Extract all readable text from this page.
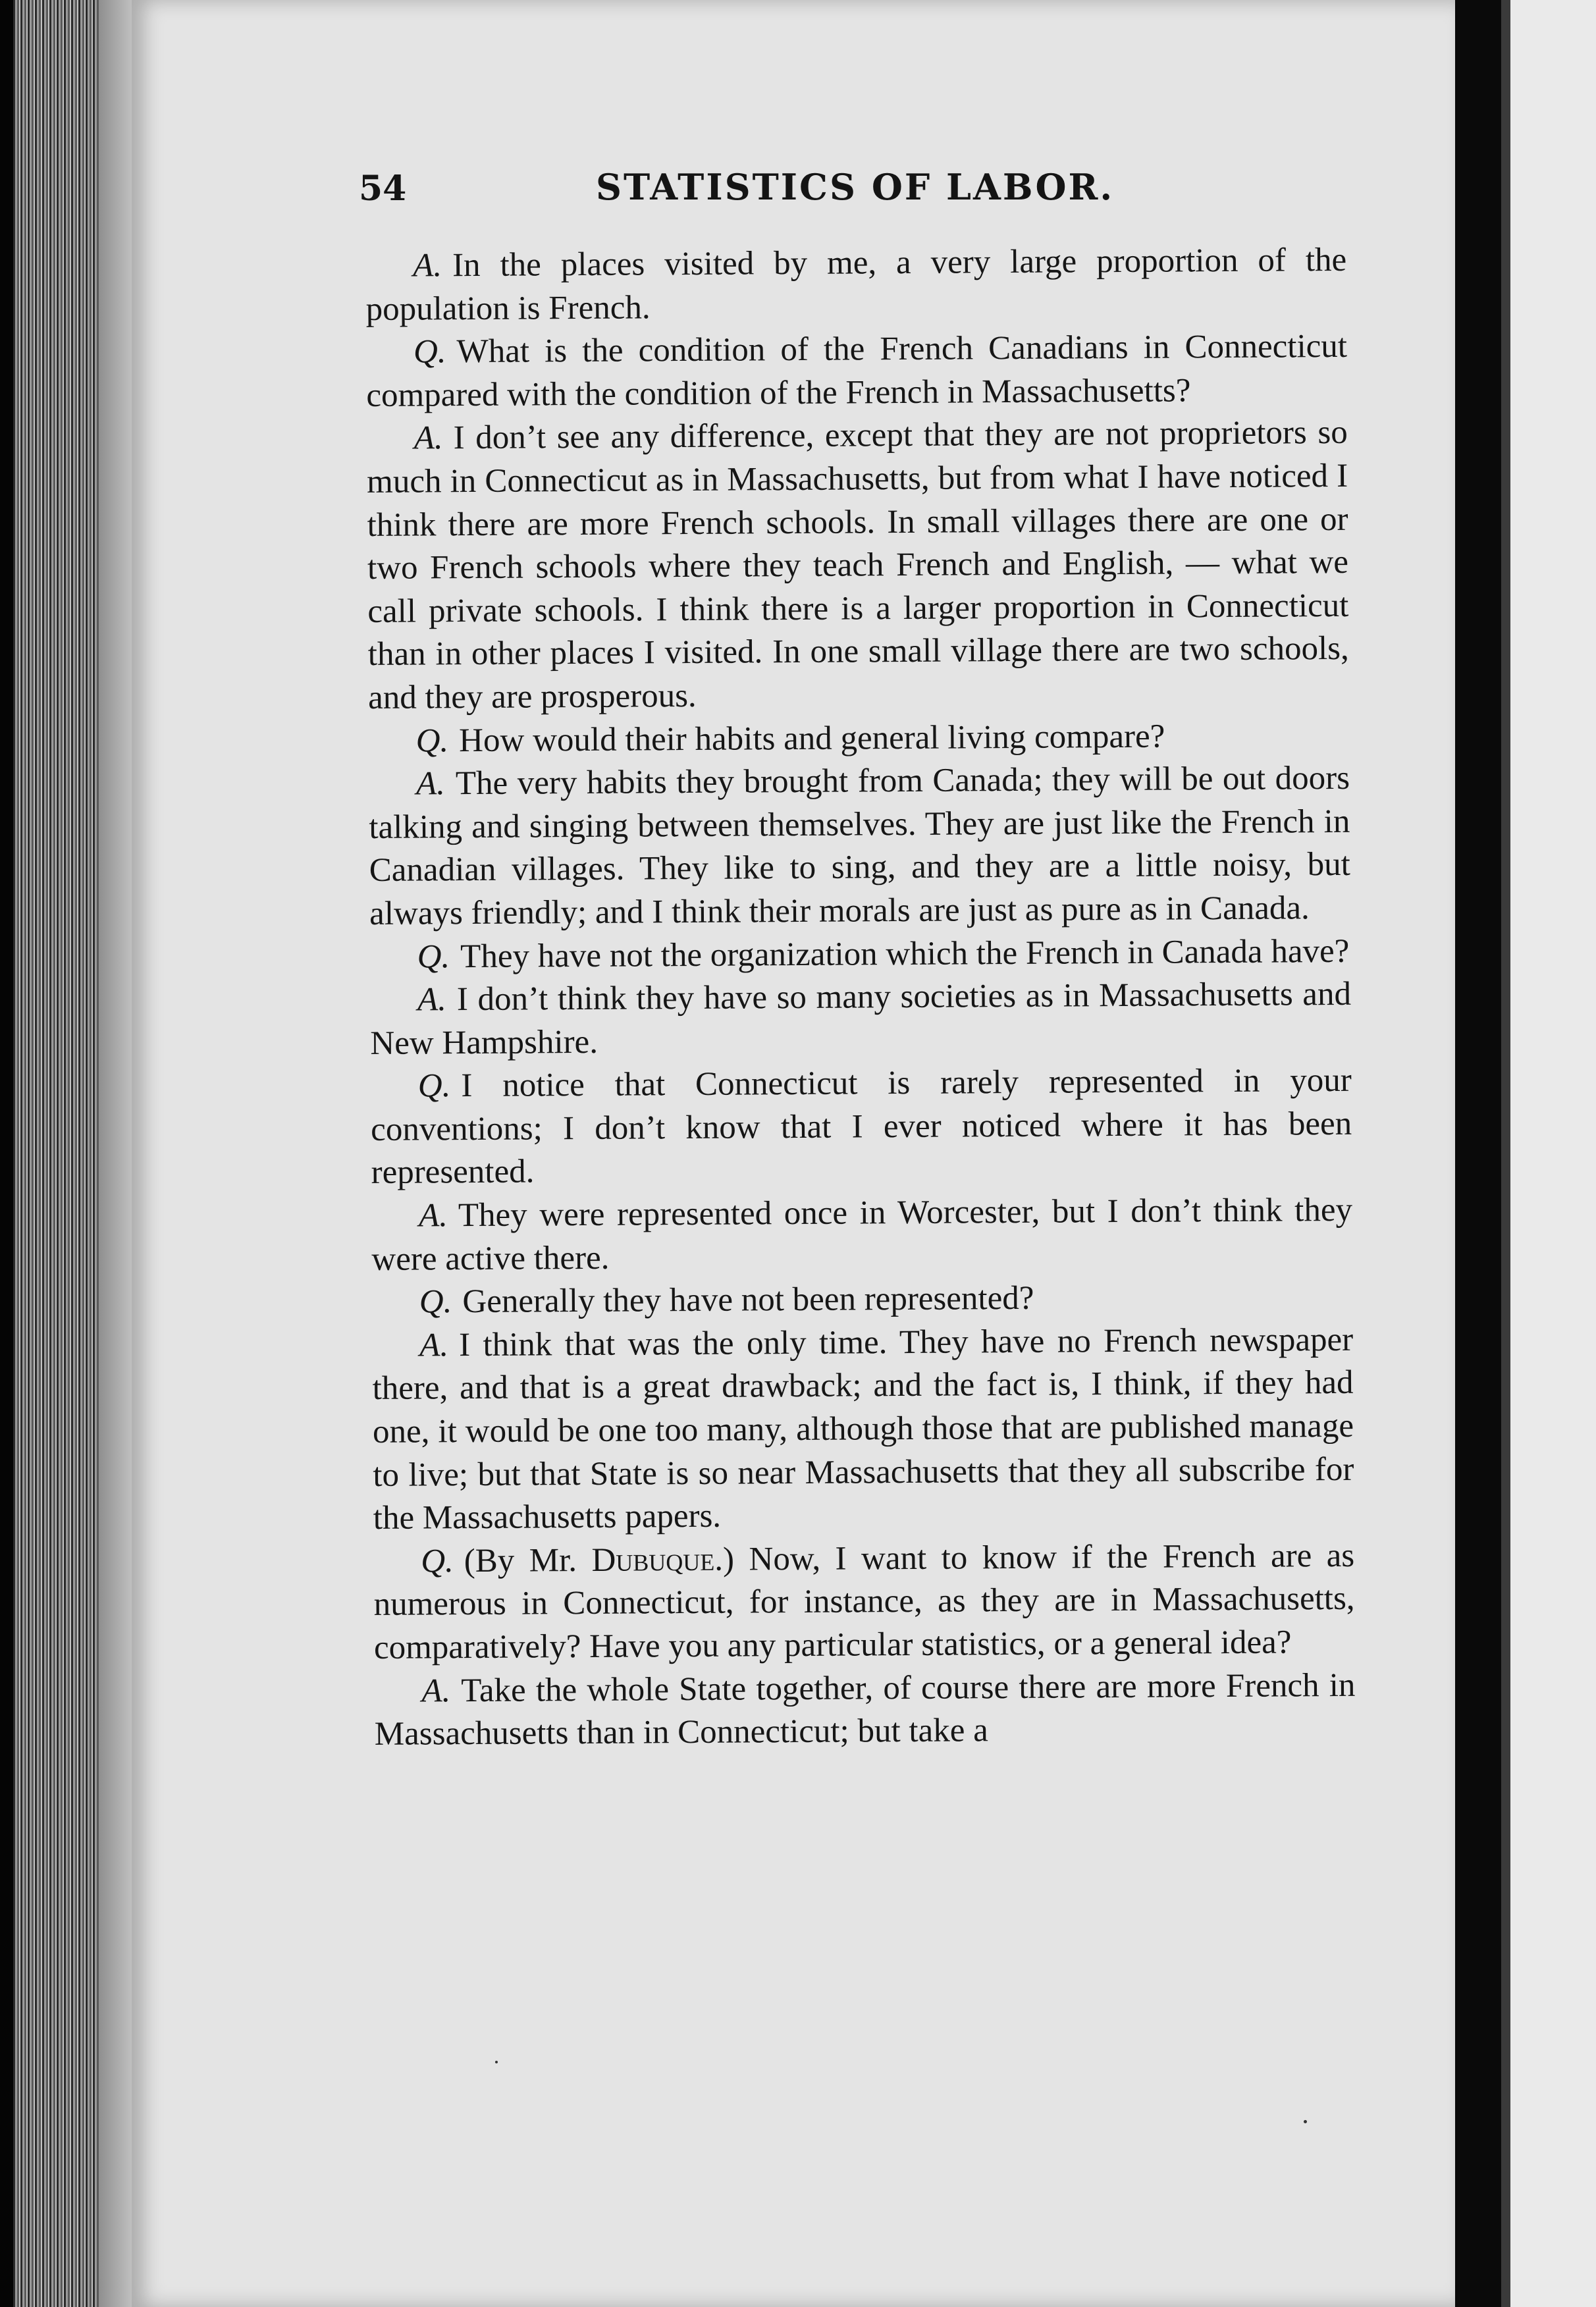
54	STATISTICS OF LABOR.

A. In the places visited by me, a very large proportion of the population is French.

Q. What is the condition of the French Canadians in Connecticut compared with the condition of the French in Massachusetts?

A. I don’t see any difference, except that they are not proprietors so much in Connecticut as in Massachusetts, but from what I have noticed I think there are more French schools. In small villages there are one or two French schools where they teach French and English, — what we call private schools. I think there is a larger proportion in Connecticut than in other places I visited. In one small village there are two schools, and they are prosperous.

Q. How would their habits and general living compare?

A. The very habits they brought from Canada; they will be out doors talking and singing between themselves. They are just like the French in Canadian villages. They like to sing, and they are a little noisy, but always friendly; and I think their morals are just as pure as in Canada.

Q. They have not the organization which the French in Canada have?

A. I don’t think they have so many societies as in Massachusetts and New Hampshire.

Q. I notice that Connecticut is rarely represented in your conventions; I don’t know that I ever noticed where it has been represented.

A. They were represented once in Worcester, but I don’t think they were active there.

Q. Generally they have not been represented?

A. I think that was the only time. They have no French newspaper there, and that is a great drawback; and the fact is, I think, if they had one, it would be one too many, although those that are published manage to live; but that State is so near Massachusetts that they all subscribe for the Massachusetts papers.

Q. (By Mr. Dubuque.) Now, I want to know if the French are as numerous in Connecticut, for instance, as they are in Massachusetts, comparatively? Have you any particular statistics, or a general idea?

A. Take the whole State together, of course there are more French in Massachusetts than in Connecticut; but take a
